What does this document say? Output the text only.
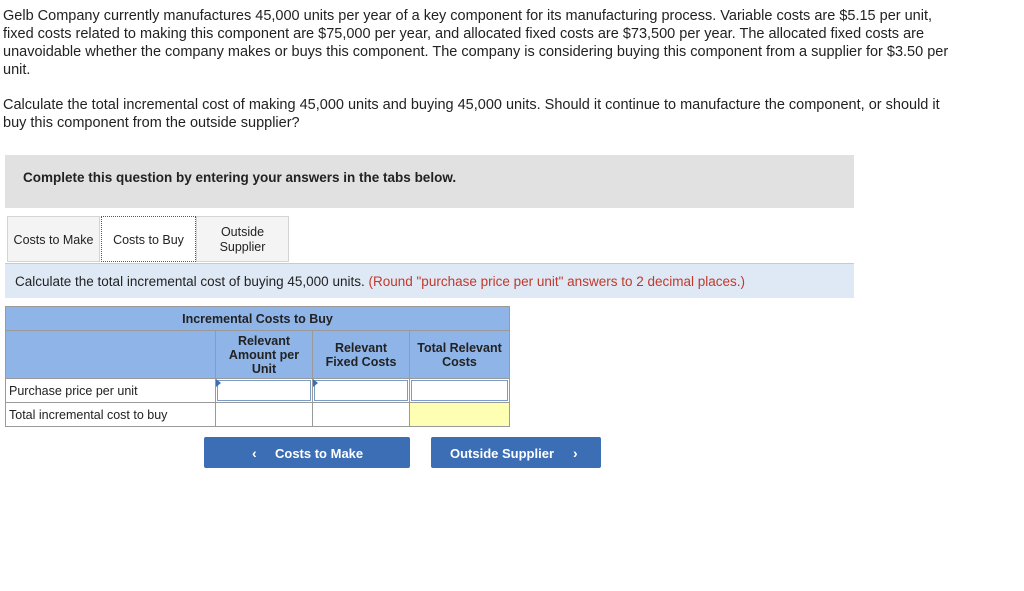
Gelb Company currently manufactures 45,000 units per year of a key component for its manufacturing process. Variable costs are $5.15 per unit, fixed costs related to making this component are $75,000 per year, and allocated fixed costs are $73,500 per year. The allocated fixed costs are unavoidable whether the company makes or buys this component. The company is considering buying this component from a supplier for $3.50 per unit.
Calculate the total incremental cost of making 45,000 units and buying 45,000 units. Should it continue to manufacture the component, or should it buy this component from the outside supplier?
Complete this question by entering your answers in the tabs below.
Costs to Make	Costs to Buy
Outside Supplier
Calculate the total incremental cost of buying 45,000 units. (Round "purchase price per unit" answers to 2 decimal places.)
Incremental Costs to Buy			
	Relevant Amount per Unit	Relevant Fixed Costs	Total Relevant Costs
Purchase price per unit	

Total incremental cost to buy			
‹ Costs to Make	Outside Supplier ›
